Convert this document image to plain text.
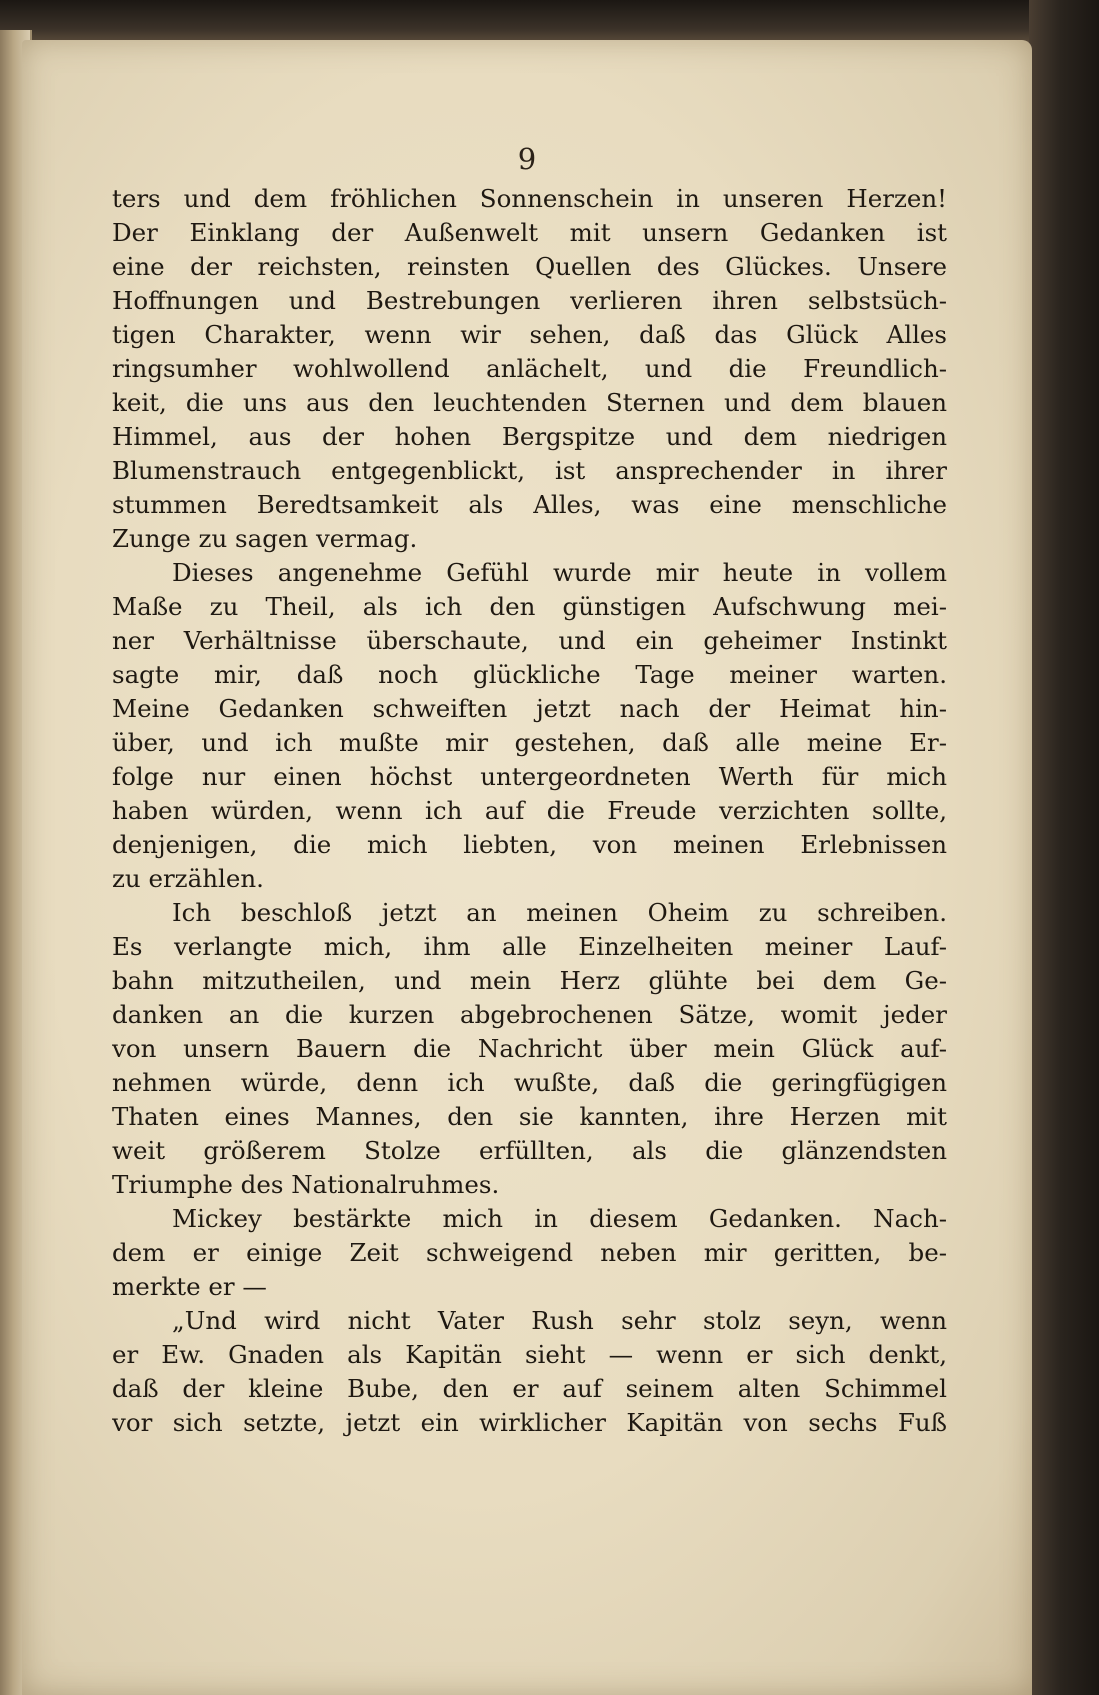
9
ters und dem fröhlichen Sonnenschein in unseren Herzen!
Der Einklang der Außenwelt mit unsern Gedanken ist
eine der reichsten, reinsten Quellen des Glückes. Unsere
Hoffnungen und Bestrebungen verlieren ihren selbstsüch-
tigen Charakter, wenn wir sehen, daß das Glück Alles
ringsumher wohlwollend anlächelt, und die Freundlich-
keit, die uns aus den leuchtenden Sternen und dem blauen
Himmel, aus der hohen Bergspitze und dem niedrigen
Blumenstrauch entgegenblickt, ist ansprechender in ihrer
stummen Beredtsamkeit als Alles, was eine menschliche
Zunge zu sagen vermag.
Dieses angenehme Gefühl wurde mir heute in vollem
Maße zu Theil, als ich den günstigen Aufschwung mei-
ner Verhältnisse überschaute, und ein geheimer Instinkt
sagte mir, daß noch glückliche Tage meiner warten.
Meine Gedanken schweiften jetzt nach der Heimat hin-
über, und ich mußte mir gestehen, daß alle meine Er-
folge nur einen höchst untergeordneten Werth für mich
haben würden, wenn ich auf die Freude verzichten sollte,
denjenigen, die mich liebten, von meinen Erlebnissen
zu erzählen.
Ich beschloß jetzt an meinen Oheim zu schreiben.
Es verlangte mich, ihm alle Einzelheiten meiner Lauf-
bahn mitzutheilen, und mein Herz glühte bei dem Ge-
danken an die kurzen abgebrochenen Sätze, womit jeder
von unsern Bauern die Nachricht über mein Glück auf-
nehmen würde, denn ich wußte, daß die geringfügigen
Thaten eines Mannes, den sie kannten, ihre Herzen mit
weit größerem Stolze erfüllten, als die glänzendsten
Triumphe des Nationalruhmes.
Mickey bestärkte mich in diesem Gedanken. Nach-
dem er einige Zeit schweigend neben mir geritten, be-
merkte er —
„Und wird nicht Vater Rush sehr stolz seyn, wenn
er Ew. Gnaden als Kapitän sieht — wenn er sich denkt,
daß der kleine Bube, den er auf seinem alten Schimmel
vor sich setzte, jetzt ein wirklicher Kapitän von sechs Fuß
